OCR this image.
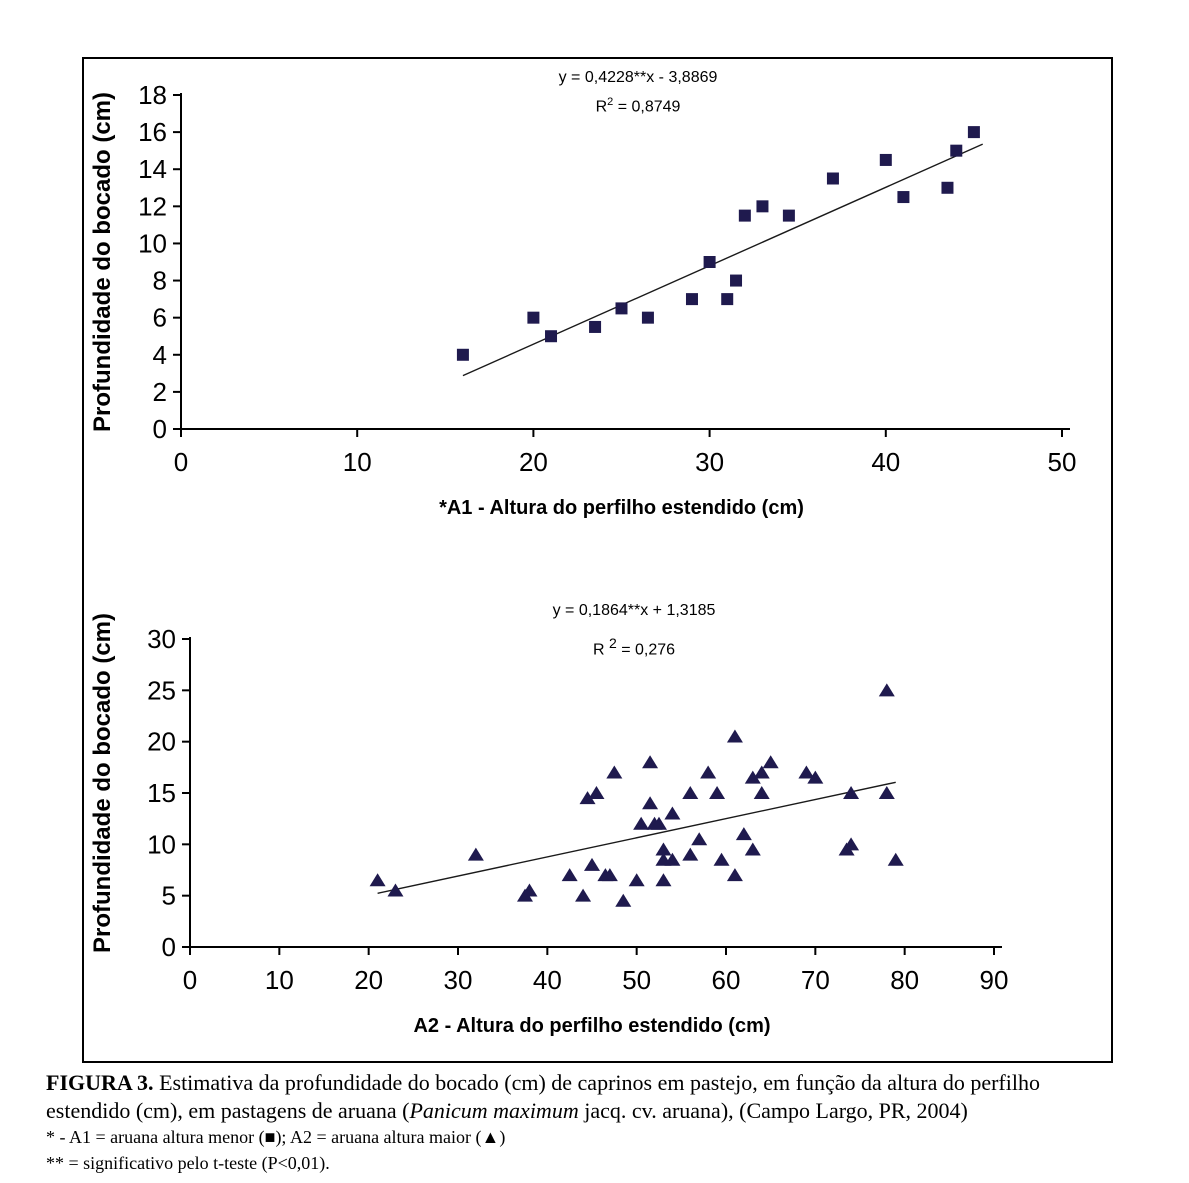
y = 0,4228**x - 3,8869
$R^2 = 0,8749$
Profundidade do bocado (cm)
0	10	20	30	40	50
0
2
4
6
8
10
12
14
16
18
*A1 - Altura do perfilho estendido (cm)
y = 0,1864**x + 1,3185
R $^2$ = 0,276
Profundidade do bocado (cm)
0	10 20 30 40 50 60 70 80 90
0
5
10
15
20
25
30
A2 - Altura do perfilho estendido (cm)
FIGURA 3. Estimativa da profundidade do bocado (cm) de caprinos em pastejo, em função da altura do perfilho estendido (cm), em pastagens de aruana (Panicum maximum jacq. cv. aruana), (Campo Largo, PR, 2004)
* - A1 = aruana altura menor (■); A2 = aruana altura maior (▲)
** = significativo pelo t-teste (P<0,01).
